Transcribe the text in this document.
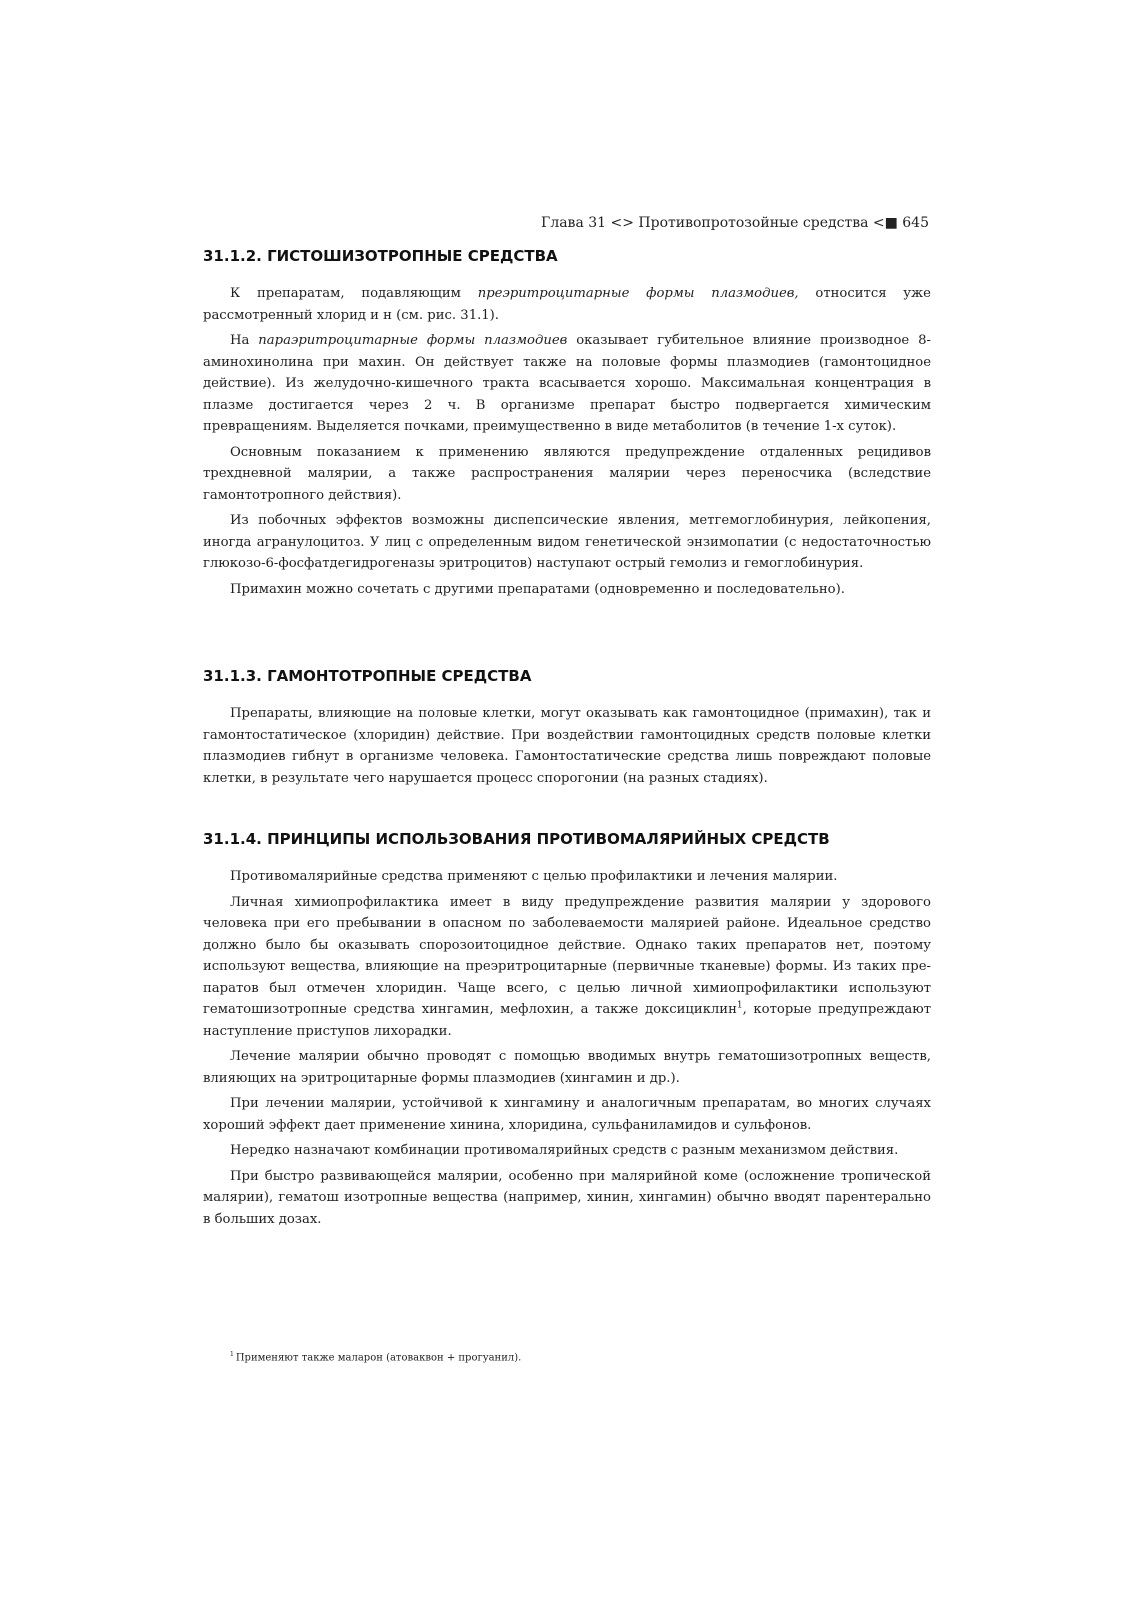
Глава 31 <> Противопротозойные средства <■ 645
31.1.2. ГИСТОШИЗОТРОПНЫЕ СРЕДСТВА

К препаратам, подавляющим преэритроцитарные формы плазмодиев, относится уже рассмотренный хлорид и н (см. рис. 31.1).

На параэритроцитарные формы плазмодиев оказывает губительное влияние производное 8-аминохинолина при махин. Он действует также на половые формы плазмодиев (гамонтоцидное действие). Из желудочно-кишечного тракта всасывается хорошо. Максимальная концентрация в плазме достигается через 2 ч. В организме препарат быстро подвергается химическим превращениям. Выделяется почками, преимущественно в виде метаболитов (в течение 1-х суток).

Основным показанием к применению являются предупреждение отдаленных рецидивов трехдневной малярии, а также распространения малярии через переносчика (вследствие гамонтотропного действия).

Из побочных эффектов возможны диспепсические явления, метгемоглобинурия, лейкопения, иногда агранулоцитоз. У лиц с определенным видом генетической энзимопатии (с недостаточностью глюкозо-6-фосфатдегидрогеназы эритроцитов) наступают острый гемолиз и гемоглобинурия.

Примахин можно сочетать с другими препаратами (одновременно и последовательно).

31.1.3. ГАМОНТОТРОПНЫЕ СРЕДСТВА

Препараты, влияющие на половые клетки, могут оказывать как гамонтоцидное (примахин), так и гамонтостатическое (хлоридин) действие. При воздействии гамонтоцидных средств половые клетки плазмодиев гибнут в организме человека. Гамонтостатические средства лишь повреждают половые клетки, в результате чего нарушается процесс спорогонии (на разных стадиях).

31.1.4. ПРИНЦИПЫ ИСПОЛЬЗОВАНИЯ ПРОТИВОМАЛЯРИЙНЫХ СРЕДСТВ

Противомалярийные средства применяют с целью профилактики и лечения малярии.

Личная химиопрофилактика имеет в виду предупреждение развития малярии у здорового человека при его пребывании в опасном по заболеваемости малярией районе. Идеальное средство должно было бы оказывать спорозоитоцидное действие. Однако таких препаратов нет, поэтому используют вещества, влияющие на преэритроцитарные (первичные тканевые) формы. Из таких препаратов был отмечен хлоридин. Чаще всего, с целью личной химиопрофилактики используют гематошизотропные средства хингамин, мефлохин, а также доксициклин$^1$, которые предупреждают наступление приступов лихорадки.

Лечение малярии обычно проводят с помощью вводимых внутрь гематошизотропных веществ, влияющих на эритроцитарные формы плазмодиев (хингамин и др.).

При лечении малярии, устойчивой к хингамину и аналогичным препаратам, во многих случаях хороший эффект дает применение хинина, хлоридина, сульфаниламидов и сульфонов.

Нередко назначают комбинации противомалярийных средств с разным механизмом действия.

При быстро развивающейся малярии, особенно при малярийной коме (осложнение тропической малярии), гематош изотропные вещества (например, хинин, хингамин) обычно вводят парентерально в больших дозах.

$^1$ Применяют также маларон (атоваквон + прогуанил).
